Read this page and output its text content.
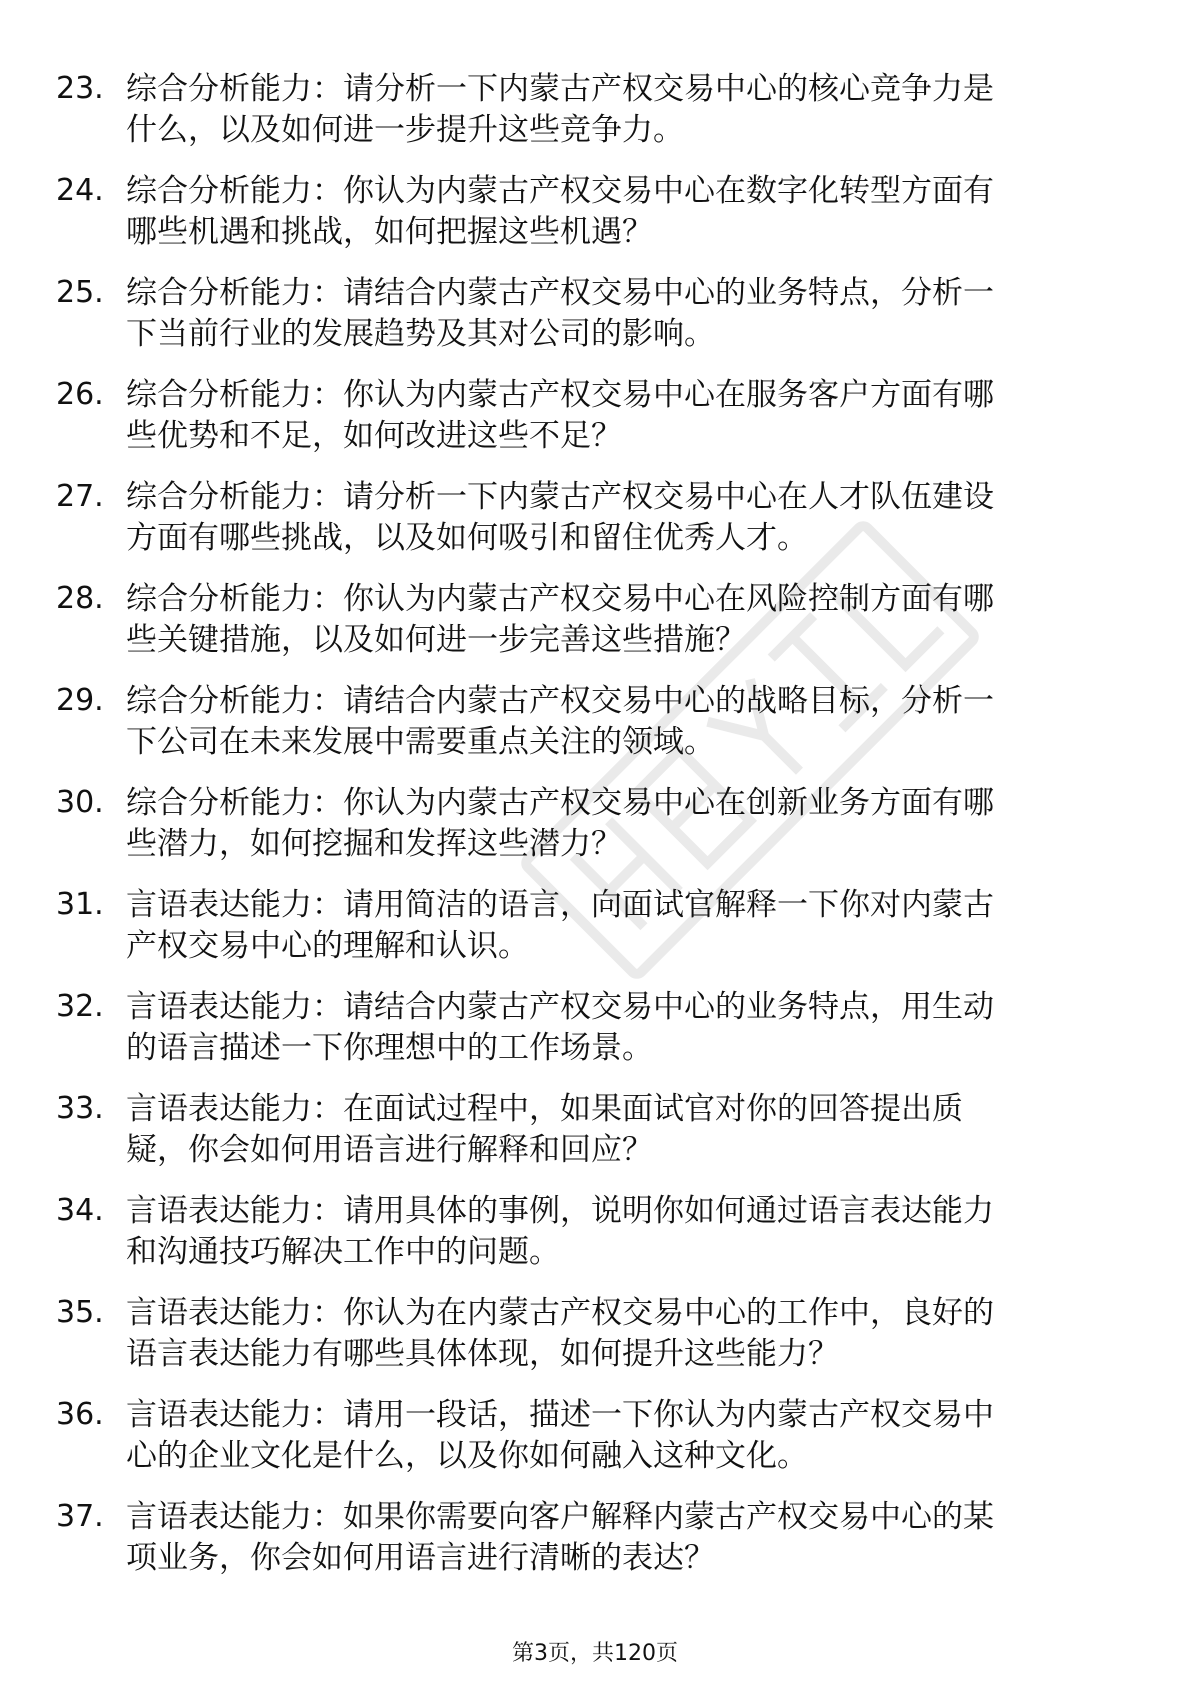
23. 综合分析能力：请分析一下内蒙古产权交易中心的核心竞争力是
什么，以及如何进一步提升这些竞争力。
24. 综合分析能力：你认为内蒙古产权交易中心在数字化转型方面有
哪些机遇和挑战，如何把握这些机遇？
25. 综合分析能力：请结合内蒙古产权交易中心的业务特点，分析一
下当前行业的发展趋势及其对公司的影响。
26. 综合分析能力：你认为内蒙古产权交易中心在服务客户方面有哪
些优势和不足，如何改进这些不足？
27. 综合分析能力：请分析一下内蒙古产权交易中心在人才队伍建设
方面有哪些挑战，以及如何吸引和留住优秀人才。
28. 综合分析能力：你认为内蒙古产权交易中心在风险控制方面有哪
些关键措施，以及如何进一步完善这些措施？
29. 综合分析能力：请结合内蒙古产权交易中心的战略目标，分析一
下公司在未来发展中需要重点关注的领域。
30. 综合分析能力：你认为内蒙古产权交易中心在创新业务方面有哪
些潜力，如何挖掘和发挥这些潜力？
31. 言语表达能力：请用简洁的语言，向面试官解释一下你对内蒙古
产权交易中心的理解和认识。
32. 言语表达能力：请结合内蒙古产权交易中心的业务特点，用生动
的语言描述一下你理想中的工作场景。
33. 言语表达能力：在面试过程中，如果面试官对你的回答提出质
疑，你会如何用语言进行解释和回应？
34. 言语表达能力：请用具体的事例，说明你如何通过语言表达能力
和沟通技巧解决工作中的问题。
35. 言语表达能力：你认为在内蒙古产权交易中心的工作中，良好的
语言表达能力有哪些具体体现，如何提升这些能力？
36. 言语表达能力：请用一段话，描述一下你认为内蒙古产权交易中
心的企业文化是什么，以及你如何融入这种文化。
37. 言语表达能力：如果你需要向客户解释内蒙古产权交易中心的某
项业务，你会如何用语言进行清晰的表达？
第3页，共120页
